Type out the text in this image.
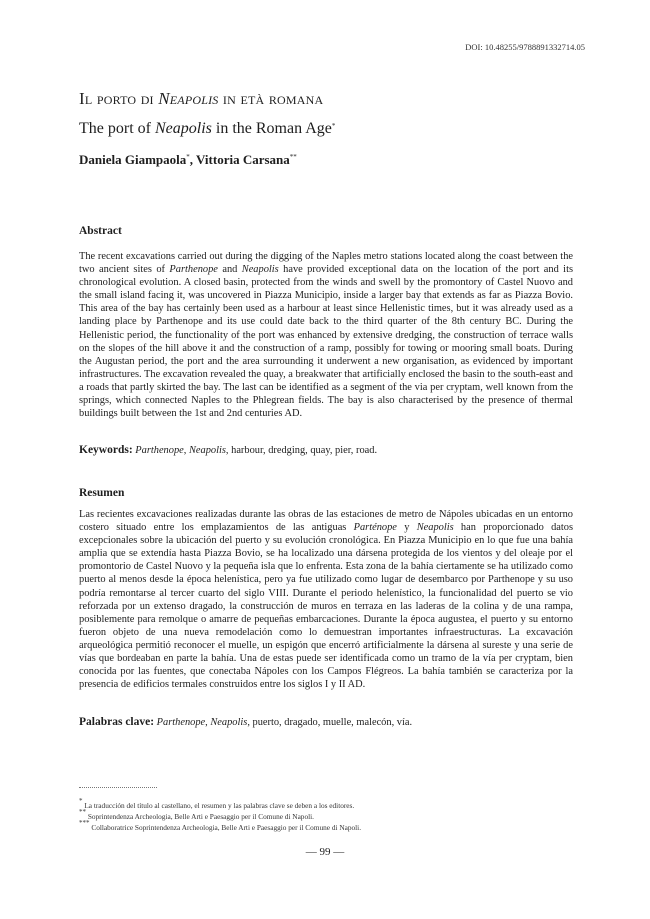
DOI: 10.48255/9788891332714.05
Il porto di Neapolis in età romana
The port of Neapolis in the Roman Age*
Daniela Giampaola*, Vittoria Carsana**
Abstract
The recent excavations carried out during the digging of the Naples metro stations located along the coast between the two ancient sites of Parthenope and Neapolis have provided exceptional data on the location of the port and its chronological evolution. A closed basin, protected from the winds and swell by the promontory of Castel Nuovo and the small island facing it, was uncovered in Piazza Municipio, inside a larger bay that extends as far as Piazza Bovio. This area of the bay has certainly been used as a harbour at least since Hellenistic times, but it was already used as a landing place by Parthenope and its use could date back to the third quarter of the 8th century BC. During the Hellenistic period, the functionality of the port was enhanced by extensive dredging, the construction of terrace walls on the slopes of the hill above it and the construction of a ramp, possibly for towing or mooring small boats. During the Augustan period, the port and the area surrounding it underwent a new organisation, as evidenced by important infrastructures. The excavation revealed the quay, a breakwater that artificially enclosed the basin to the south-east and a roads that partly skirted the bay. The last can be identified as a segment of the via per cryptam, well known from the springs, which connected Naples to the Phlegrean fields. The bay is also characterised by the presence of thermal buildings built between the 1st and 2nd centuries AD.
Keywords: Parthenope, Neapolis, harbour, dredging, quay, pier, road.
Resumen
Las recientes excavaciones realizadas durante las obras de las estaciones de metro de Nápoles ubicadas en un entorno costero situado entre los emplazamientos de las antiguas Parténope y Neapolis han proporcionado datos excepcionales sobre la ubicación del puerto y su evolución cronológica. En Piazza Municipio en lo que fue una bahía amplia que se extendía hasta Piazza Bovio, se ha localizado una dársena protegida de los vientos y del oleaje por el promontorio de Castel Nuovo y la pequeña isla que lo enfrenta. Esta zona de la bahía ciertamente se ha utilizado como puerto al menos desde la época helenística, pero ya fue utilizado como lugar de desembarco por Parthenope y su uso podría remontarse al tercer cuarto del siglo VIII. Durante el periodo helenístico, la funcionalidad del puerto se vio reforzada por un extenso dragado, la construcción de muros en terraza en las laderas de la colina y de una rampa, posiblemente para remolque o amarre de pequeñas embarcaciones. Durante la época augustea, el puerto y su entorno fueron objeto de una nueva remodelación como lo demuestran importantes infraestructuras. La excavación arqueológica permitió reconocer el muelle, un espigón que encerró artificialmente la dársena al sureste y una serie de vías que bordeaban en parte la bahía. Una de estas puede ser identificada como un tramo de la vía per cryptam, bien conocida por las fuentes, que conectaba Nápoles con los Campos Flégreos. La bahía también se caracteriza por la presencia de edificios termales construidos entre los siglos I y II AD.
Palabras clave: Parthenope, Neapolis, puerto, dragado, muelle, malecón, vía.
* La traducción del título al castellano, el resumen y las palabras clave se deben a los editores.
** Soprintendenza Archeologia, Belle Arti e Paesaggio per il Comune di Napoli.
*** Collaboratrice Soprintendenza Archeologia, Belle Arti e Paesaggio per il Comune di Napoli.
— 99 —
